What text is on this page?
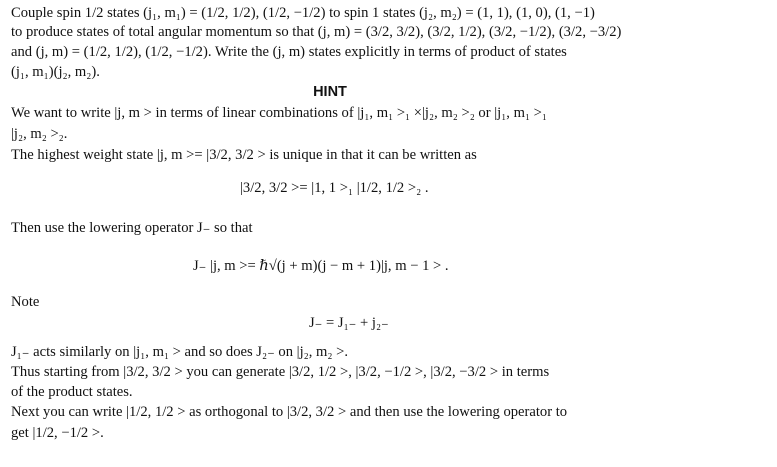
Couple spin 1/2 states (j₁, m₁) = (1/2, 1/2), (1/2, −1/2) to spin 1 states (j₂, m₂) = (1, 1), (1, 0), (1, −1)
to produce states of total angular momentum so that (j, m) = (3/2, 3/2), (3/2, 1/2), (3/2, −1/2), (3/2, −3/2)
and (j, m) = (1/2, 1/2), (1/2, −1/2). Write the (j, m) states explicitly in terms of product of states
(j₁, m₁)(j₂, m₂).
HINT
We want to write |j, m > in terms of linear combinations of |j₁, m₁ >₁ ×|j₂, m₂ >₂ or |j₁, m₁ >₁
|j₂, m₂ >₂.
The highest weight state |j, m >= |3/2, 3/2 > is unique in that it can be written as
|3/2, 3/2 >= |1, 1 >₁ |1/2, 1/2 >₂ .
Then use the lowering operator J₋ so that
J₋ |j, m >= ℏ√(j + m)(j − m + 1)|j, m − 1 > .
Note
J₋ = J₁₋ + j₂₋
J₁₋ acts similarly on |j₁, m₁ > and so does J₂₋ on |j₂, m₂ >.
Thus starting from |3/2, 3/2 > you can generate |3/2, 1/2 >, |3/2, −1/2 >, |3/2, −3/2 > in terms
of the product states.
Next you can write |1/2, 1/2 > as orthogonal to |3/2, 3/2 > and then use the lowering operator to
get |1/2, −1/2 >.
